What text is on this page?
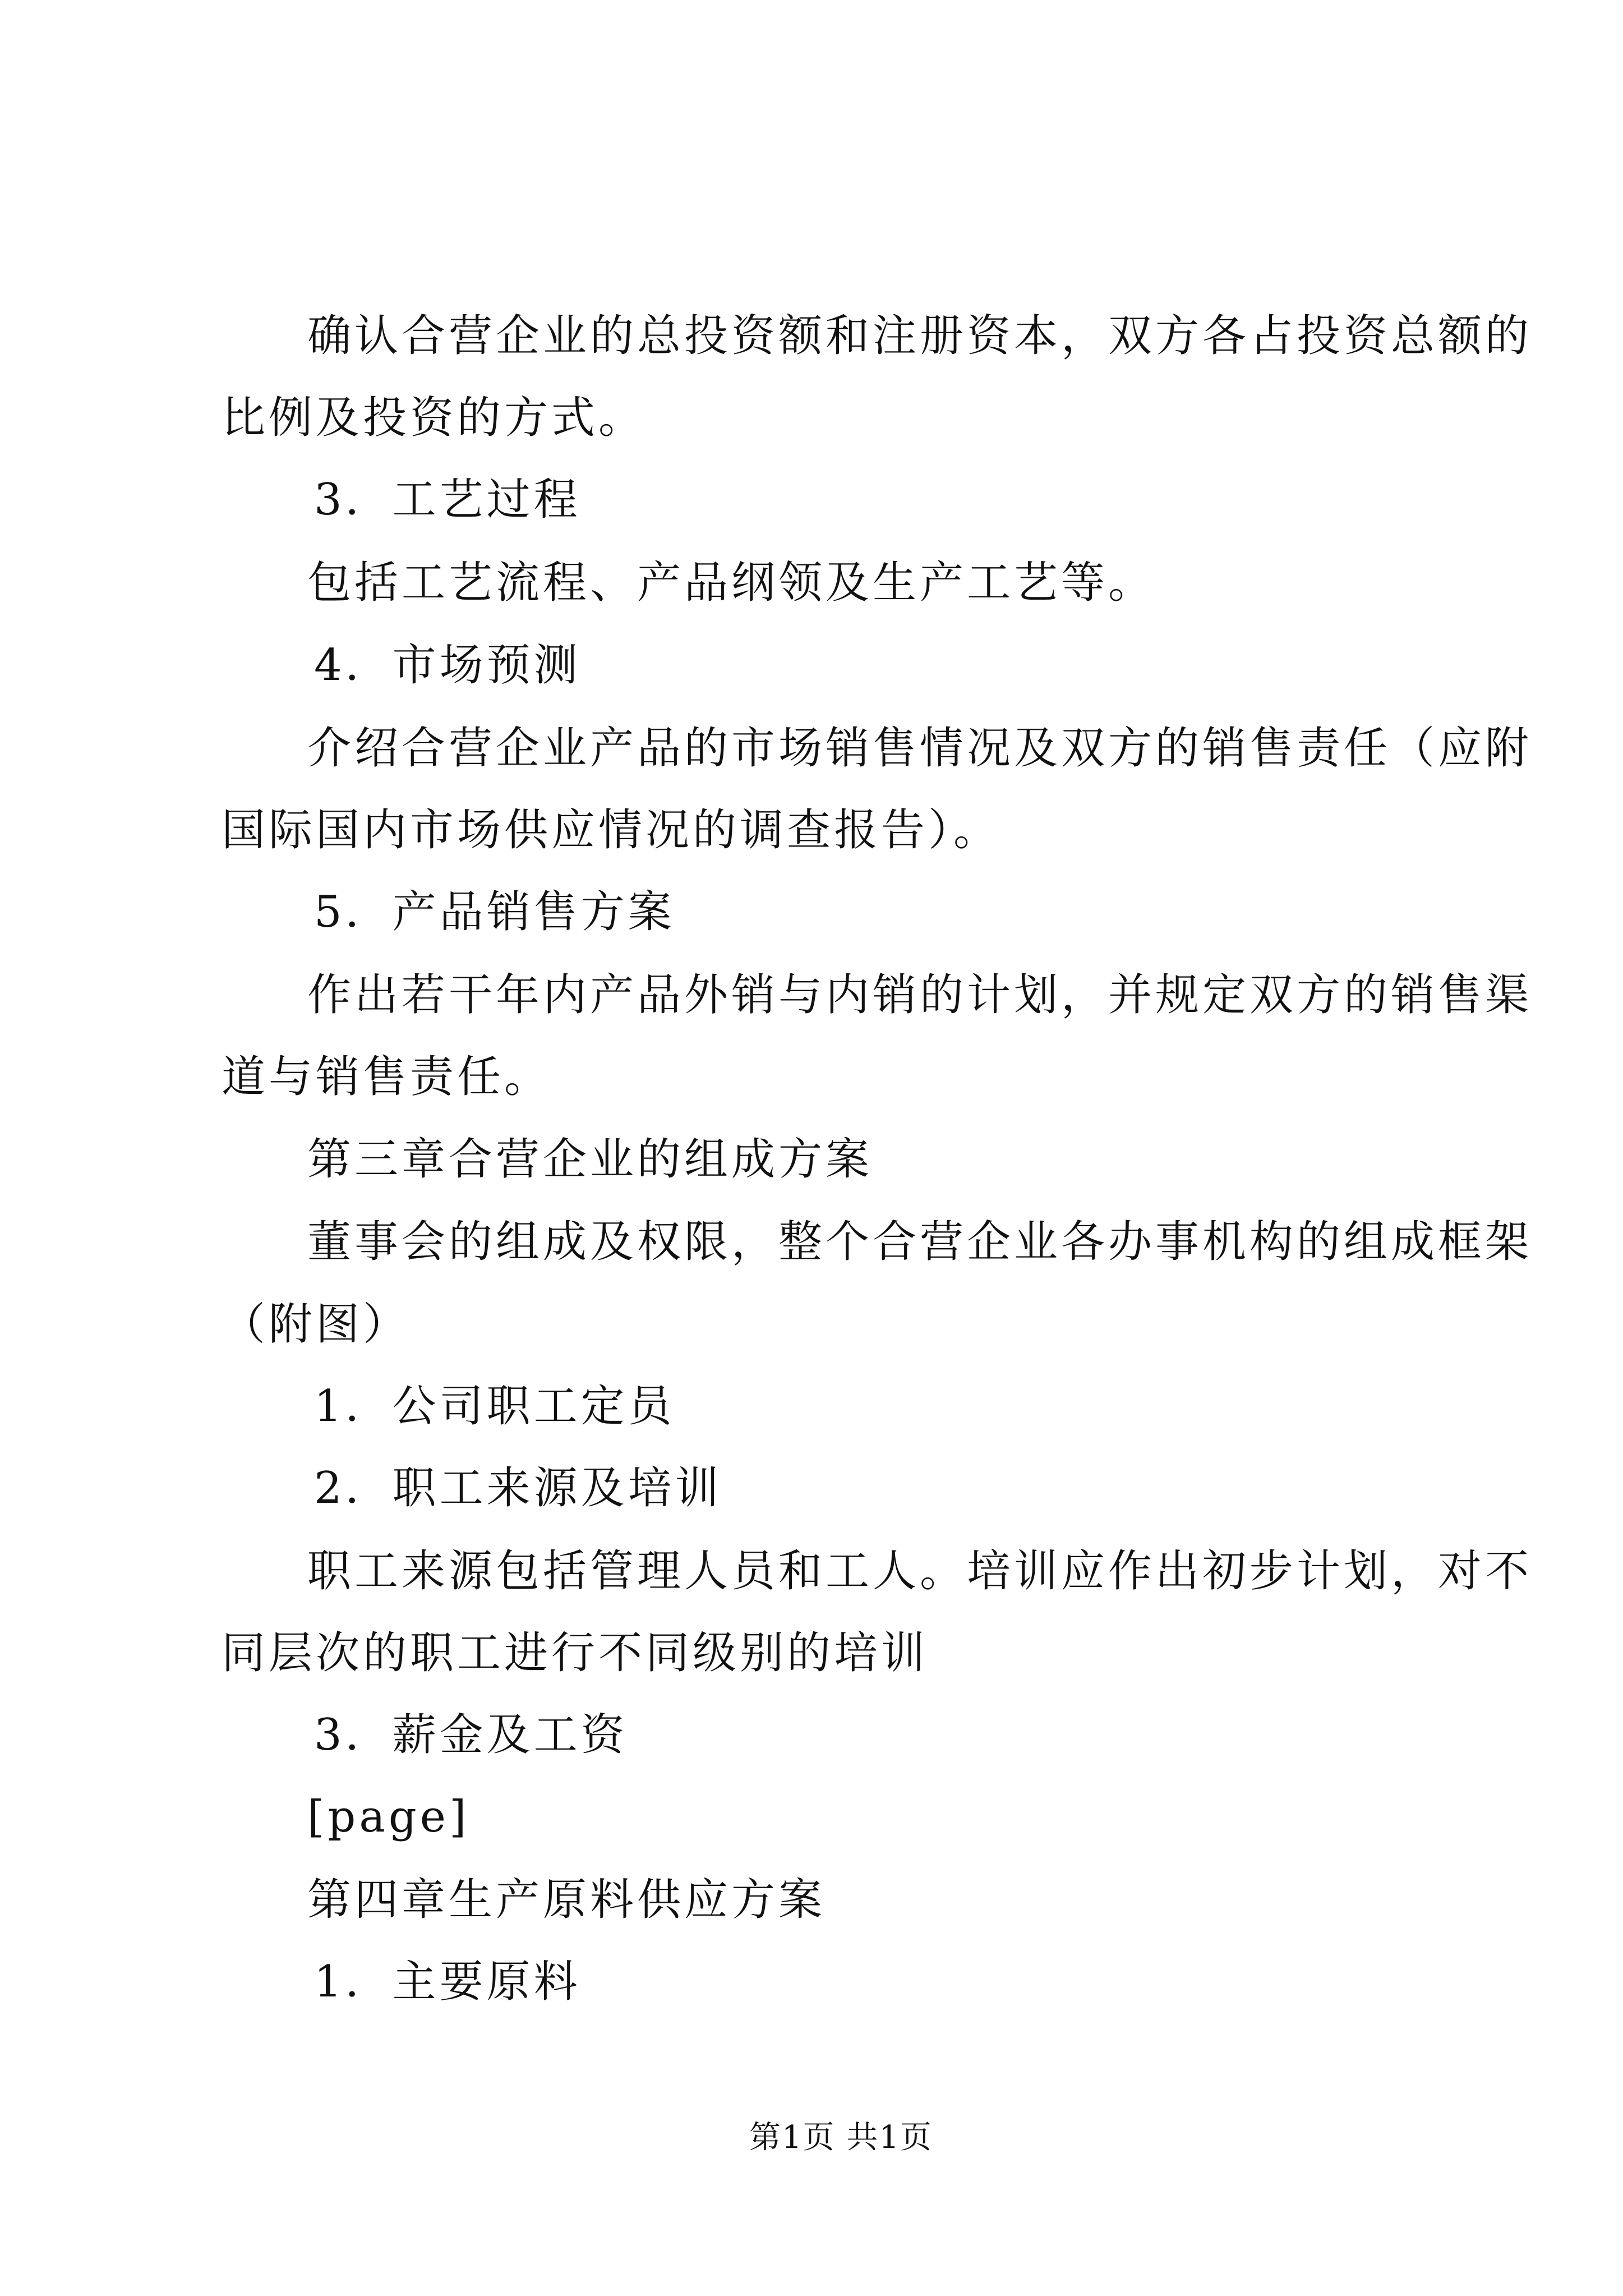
确认合营企业的总投资额和注册资本，双方各占投资总额的
比例及投资的方式。
3．工艺过程
包括工艺流程、产品纲领及生产工艺等。
4．市场预测
介绍合营企业产品的市场销售情况及双方的销售责任（应附
国际国内市场供应情况的调查报告）。
5．产品销售方案
作出若干年内产品外销与内销的计划，并规定双方的销售渠
道与销售责任。
第三章合营企业的组成方案
董事会的组成及权限，整个合营企业各办事机构的组成框架
（附图）
1．公司职工定员
2．职工来源及培训
职工来源包括管理人员和工人。培训应作出初步计划，对不
同层次的职工进行不同级别的培训
3．薪金及工资
[page]
第四章生产原料供应方案
1．主要原料
第1页 共1页
